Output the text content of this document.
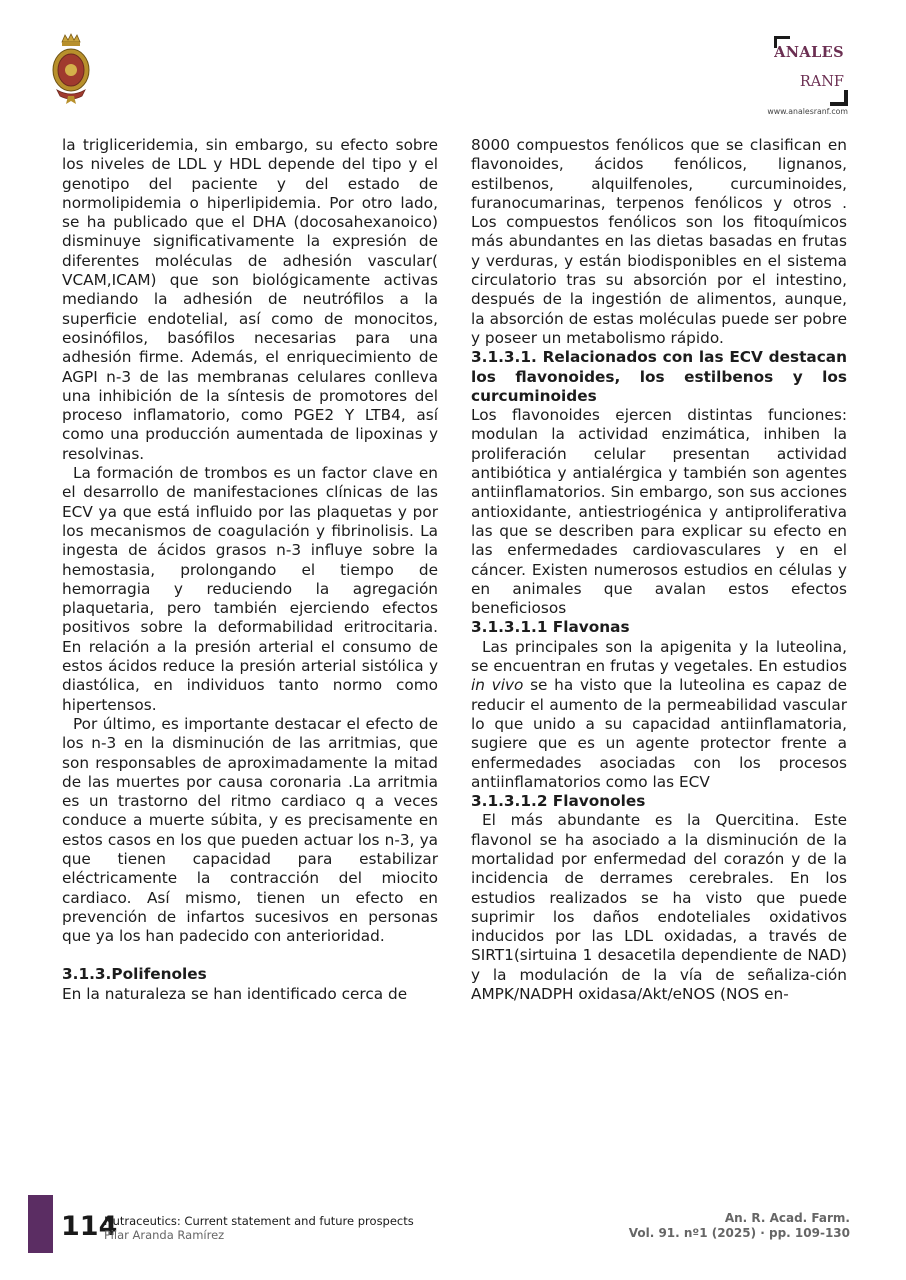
ANALES
RANF
www.analesranf.com

la trigliceridemia, sin embargo, su efecto sobre los niveles de LDL y HDL depende del tipo y el genotipo del paciente y del estado de normolipidemia o hiperlipidemia. Por otro lado, se ha publicado que el DHA (docosahexanoico) disminuye significativamente la expresión de diferentes moléculas de adhesión vascular( VCAM,ICAM) que son biológicamente activas mediando la adhesión de neutrófilos a la superficie endotelial, así como de monocitos, eosinófilos, basófilos necesarias para una adhesión firme. Además, el enriquecimiento de AGPI n-3 de las membranas celulares conlleva una inhibición de la síntesis de promotores del proceso inflamatorio, como PGE2 Y LTB4, así como una producción aumentada de lipoxinas y resolvinas.

La formación de trombos es un factor clave en el desarrollo de manifestaciones clínicas de las ECV ya que está influido por las plaquetas y por los mecanismos de coagulación y fibrinolisis. La ingesta de ácidos grasos n-3 influye sobre la hemostasia, prolongando el tiempo de hemorragia y reduciendo la agregación plaquetaria, pero también ejerciendo efectos positivos sobre la deformabilidad eritrocitaria. En relación a la presión arterial el consumo de estos ácidos reduce la presión arterial sistólica y diastólica, en individuos tanto normo como hipertensos.

Por último, es importante destacar el efecto de los n-3 en la disminución de las arritmias, que son responsables de aproximadamente la mitad de las muertes por causa coronaria .La arritmia es un trastorno del ritmo cardiaco q a veces conduce a muerte súbita, y es precisamente en estos casos en los que pueden actuar los n-3, ya que tienen capacidad para estabilizar eléctricamente la contracción del miocito cardiaco. Así mismo, tienen un efecto en prevención de infartos sucesivos en personas que ya los han padecido con anterioridad.

3.1.3.Polifenoles

En la naturaleza se han identificado cerca de

8000 compuestos fenólicos que se clasifican en flavonoides, ácidos fenólicos, lignanos, estilbenos, alquilfenoles, curcuminoides, furanocumarinas, terpenos fenólicos y otros . Los compuestos fenólicos son los fitoquímicos más abundantes en las dietas basadas en frutas y verduras, y están biodisponibles en el sistema circulatorio tras su absorción por el intestino, después de la ingestión de alimentos, aunque, la absorción de estas moléculas puede ser pobre y poseer un metabolismo rápido.

3.1.3.1. Relacionados con las ECV destacan los flavonoides, los estilbenos y los curcuminoides

Los flavonoides ejercen distintas funciones: modulan la actividad enzimática, inhiben la proliferación celular presentan actividad antibiótica y antialérgica y también son agentes antiinflamatorios. Sin embargo, son sus acciones antioxidante, antiestriogénica y antiproliferativa las que se describen para explicar su efecto en las enfermedades cardiovasculares y en el cáncer. Existen numerosos estudios en células y en animales que avalan estos efectos beneficiosos

3.1.3.1.1 Flavonas

Las principales son la apigenita y la luteolina, se encuentran en frutas y vegetales. En estudios in vivo se ha visto que la luteolina es capaz de reducir el aumento de la permeabilidad vascular lo que unido a su capacidad antiinflamatoria, sugiere que es un agente protector frente a enfermedades asociadas con los procesos antiinflamatorios como las ECV

3.1.3.1.2 Flavonoles

El más abundante es la Quercitina. Este flavonol se ha asociado a la disminución de la mortalidad por enfermedad del corazón y de la incidencia de derrames cerebrales. En los estudios realizados se ha visto que puede suprimir los daños endoteliales oxidativos inducidos por las LDL oxidadas, a través de SIRT1(sirtuina 1 desacetila dependiente de NAD) y la modulación de la vía de señaliza-ción AMPK/NADPH oxidasa/Akt/eNOS (NOS en-

114
Nutraceutics: Current statement and future prospects
Pilar Aranda Ramírez
An. R. Acad. Farm.
Vol. 91. nº1 (2025) · pp. 109-130
